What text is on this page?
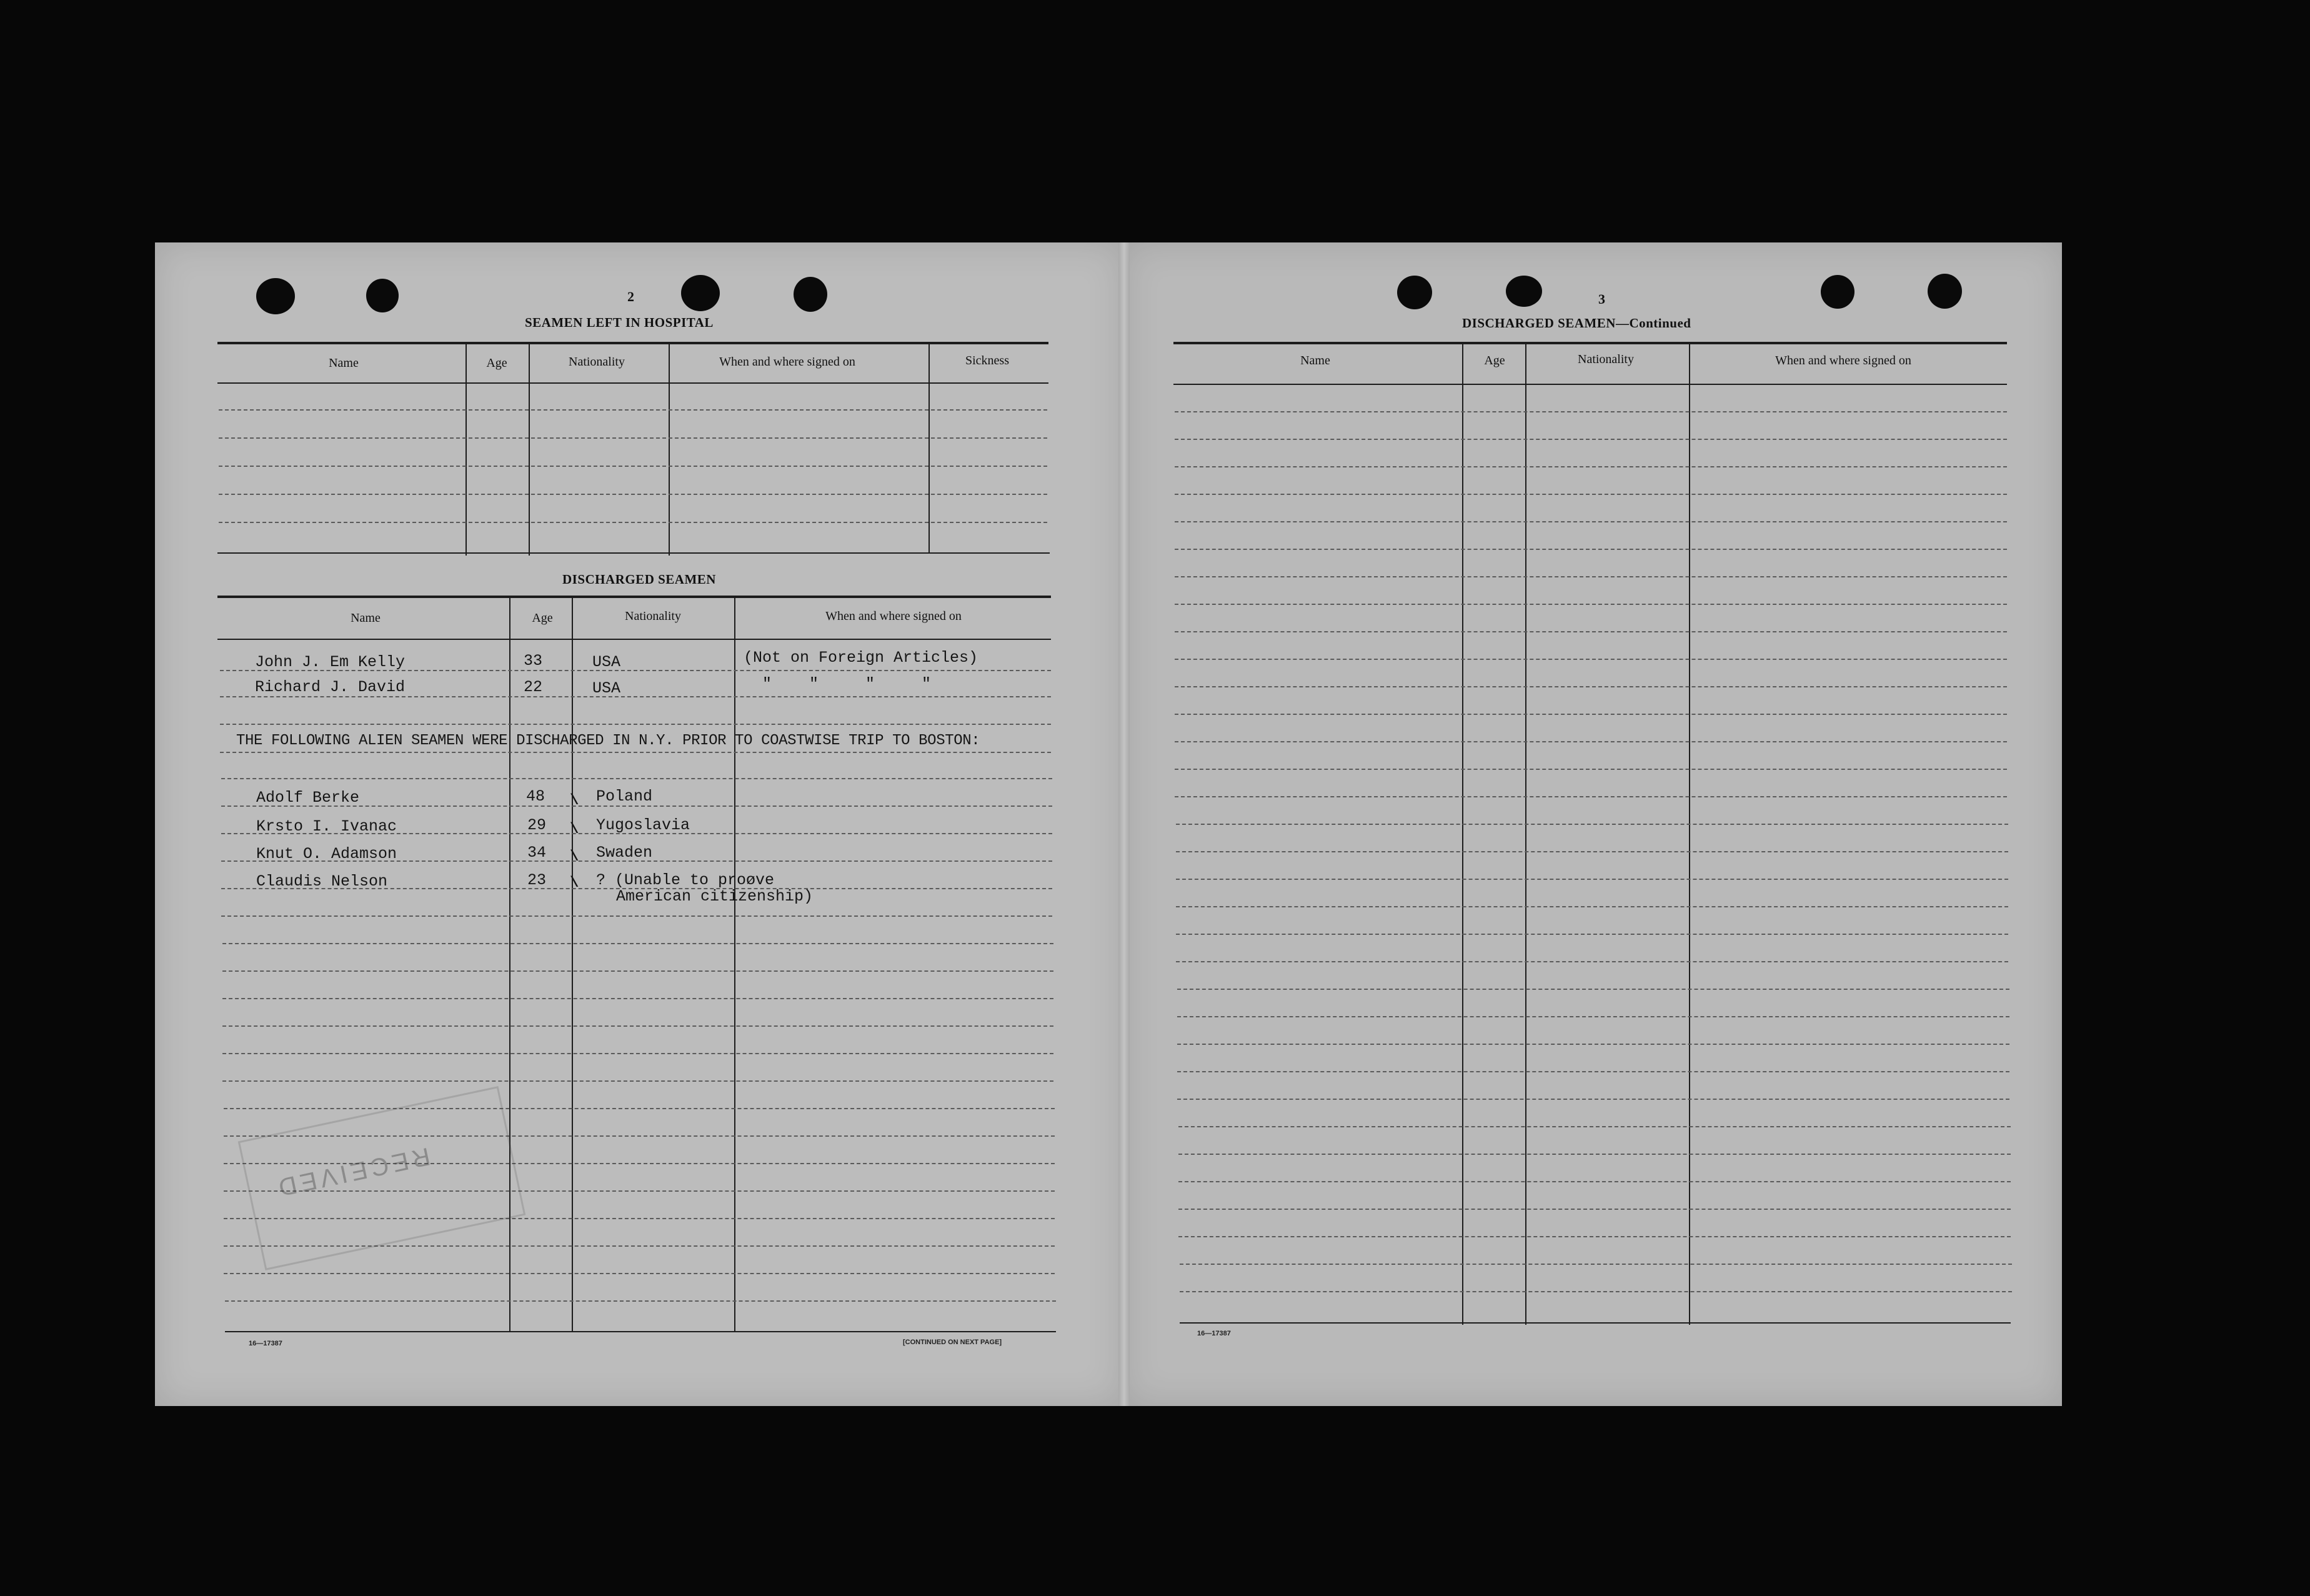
2
SEAMEN LEFT IN HOSPITAL
Name	Age	Nationality	When and where signed on	Sickness
DISCHARGED SEAMEN
Name	Age	Nationality	When and where signed on
John J. Em Kelly	33	USA	(Not on Foreign Articles)
Richard J. David	22	USA	"    "     "     "
THE FOLLOWING ALIEN SEAMEN WERE DISCHARGED IN N.Y. PRIOR TO COASTWISE TRIP TO BOSTON:
Adolf Berke	48 \ Poland
Krsto I. Ivanac	29 \ Yugoslavia
Knut O. Adamson	34 \ Swaden
Claudis Nelson	23 \ ? (Unable to proøve
American citizenship)
RECEIVED
16—17387	[CONTINUED ON NEXT PAGE]
3
DISCHARGED SEAMEN—Continued
Name	Age	Nationality	When and where signed on
16—17387
